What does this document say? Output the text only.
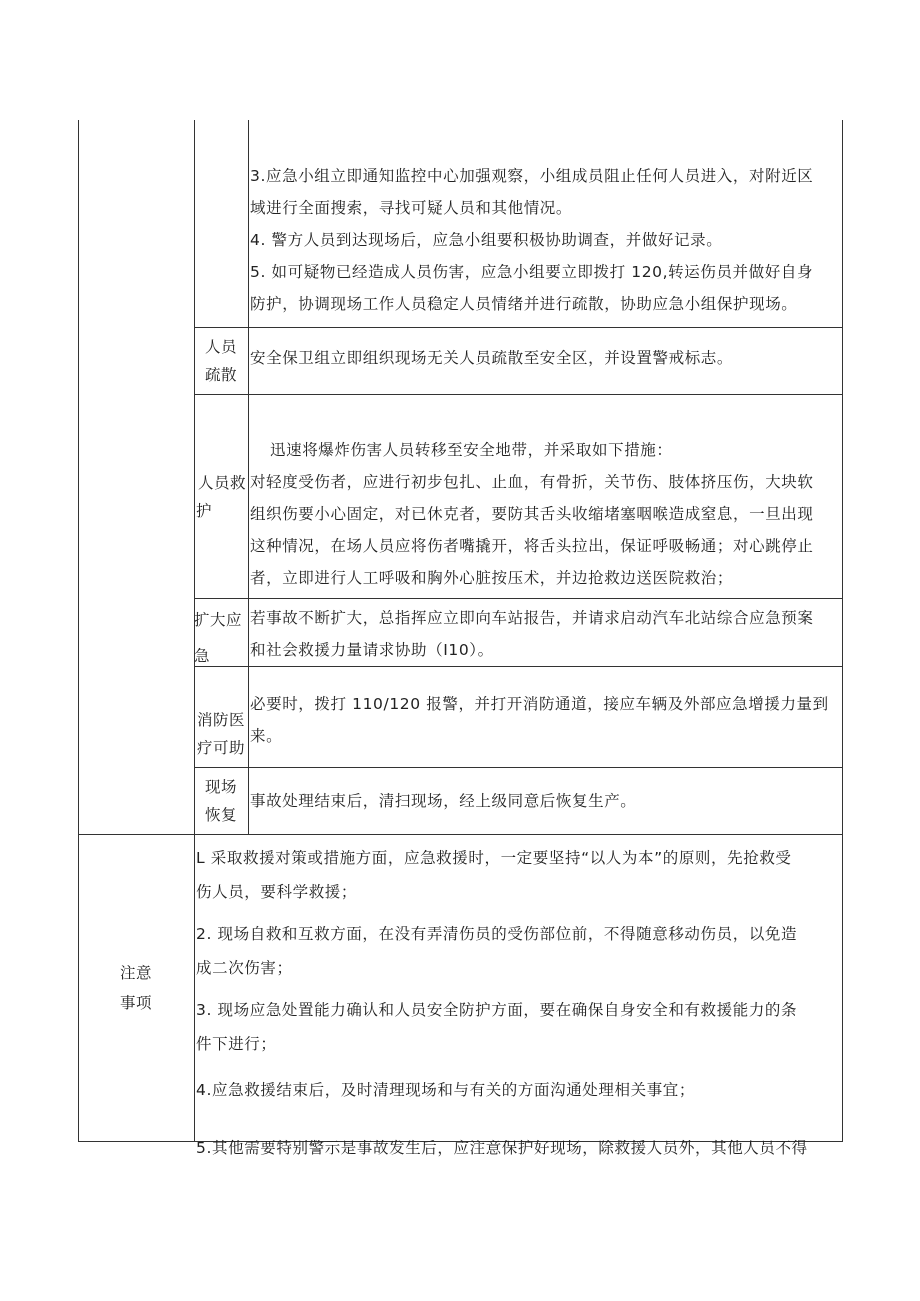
3.应急小组立即通知监控中心加强观察，小组成员阻止任何人员进入，对附近区
域进行全面搜索，寻找可疑人员和其他情况。
4. 警方人员到达现场后，应急小组要积极协助调查，并做好记录。
5. 如可疑物已经造成人员伤害，应急小组要立即拨打 120,转运伤员并做好自身
防护，协调现场工作人员稳定人员情绪并进行疏散，协助应急小组保护现场。
人员
疏散
安全保卫组立即组织现场无关人员疏散至安全区，并设置警戒标志。
人员救
护
迅速将爆炸伤害人员转移至安全地带，并采取如下措施：
对轻度受伤者，应进行初步包扎、止血，有骨折，关节伤、肢体挤压伤，大块软
组织伤要小心固定，对已休克者，要防其舌头收缩堵塞咽喉造成窒息，一旦出现
这种情况，在场人员应将伤者嘴撬开，将舌头拉出，保证呼吸畅通；对心跳停止
者，立即进行人工呼吸和胸外心脏按压术，并边抢救边送医院救治；
扩大应
急
若事故不断扩大，总指挥应立即向车站报告，并请求启动汽车北站综合应急预案
和社会救援力量请求协助（I10）。
消防医
疗可助
必要时，拨打 110/120 报警，并打开消防通道，接应车辆及外部应急增援力量到
来。
现场
恢复
事故处理结束后，清扫现场，经上级同意后恢复生产。
注意
事项
L 采取救援对策或措施方面，应急救援时，一定要坚持“以人为本”的原则，先抢救受
伤人员，要科学救援；
2. 现场自救和互救方面，在没有弄清伤员的受伤部位前，不得随意移动伤员，以免造
成二次伤害；
3. 现场应急处置能力确认和人员安全防护方面，要在确保自身安全和有救援能力的条
件下进行；
4.应急救援结束后，及时清理现场和与有关的方面沟通处理相关事宜；
5.其他需要特别警示是事故发生后，应注意保护好现场，除救援人员外，其他人员不得
